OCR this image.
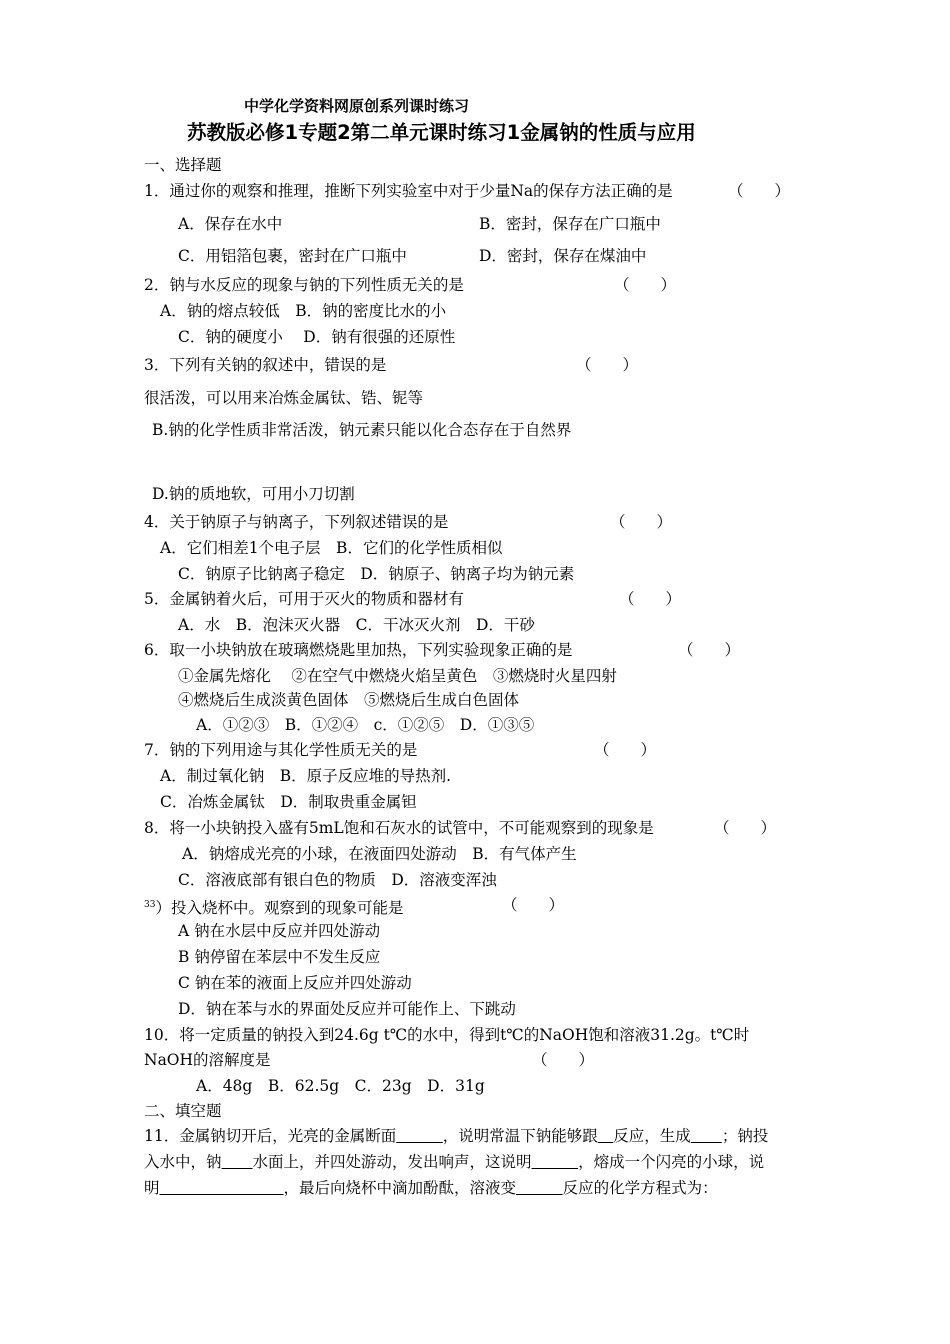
中学化学资料网原创系列课时练习
苏教版必修1专题2第二单元课时练习1金属钠的性质与应用
一、选择题
1．通过你的观察和推理，推断下列实验室中对于少量Na的保存方法正确的是	（　　）
A．保存在水中	B．密封，保存在广口瓶中
C．用铝箔包裹，密封在广口瓶中	D．密封，保存在煤油中
2．钠与水反应的现象与钠的下列性质无关的是	（　　）
A．钠的熔点较低　B．钠的密度比水的小
C．钠的硬度小　 D．钠有很强的还原性
3．下列有关钠的叙述中，错误的是	（　　）
很活泼，可以用来冶炼金属钛、锆、铌等
B.钠的化学性质非常活泼，钠元素只能以化合态存在于自然界
D.钠的质地软，可用小刀切割
4．关于钠原子与钠离子，下列叙述错误的是	（　　）
A．它们相差1个电子层　B．它们的化学性质相似
C．钠原子比钠离子稳定　D．钠原子、钠离子均为钠元素
5．金属钠着火后，可用于灭火的物质和器材有	（　　）
A．水　B．泡沫灭火器　C．干冰灭火剂　D．干砂
6．取一小块钠放在玻璃燃烧匙里加热，下列实验现象正确的是	（　　）
①金属先熔化　 ②在空气中燃烧火焰呈黄色　③燃烧时火星四射
④燃烧后生成淡黄色固体　⑤燃烧后生成白色固体
A．①②③　B．①②④　c．①②⑤　D．①③⑤
7．钠的下列用途与其化学性质无关的是	（　　）
A．制过氧化钠　B．原子反应堆的导热剂.
C．冶炼金属钛　D．制取贵重金属钽
8．将一小块钠投入盛有5mL饱和石灰水的试管中，不可能观察到的现象是	（　　）
A．钠熔成光亮的小球，在液面四处游动　B．有气体产生
C．溶液底部有银白色的物质　D．溶液变浑浊
$^{33}$）投入烧杯中。观察到的现象可能是	（　　）
A 钠在水层中反应并四处游动
B 钠停留在苯层中不发生反应
C 钠在苯的液面上反应并四处游动
D．钠在苯与水的界面处反应并可能作上、下跳动
10．将一定质量的钠投入到24.6g t℃的水中，得到t℃的NaOH饱和溶液31.2g。t℃时
NaOH的溶解度是	（　　）
A．48g　B．62.5g　C．23g　D．31g
二、填空题
11．金属钠切开后，光亮的金属断面　　　	，说明常温下钠能够跟　 反应，生成　　 ；钠投
入水中，钠　　 水面上，并四处游动，发出响声，这说明　　　	，熔成一个闪亮的小球，说
明　　　　　　　　	，最后向烧杯中滴加酚酞，溶液变　　　	反应的化学方程式为：
